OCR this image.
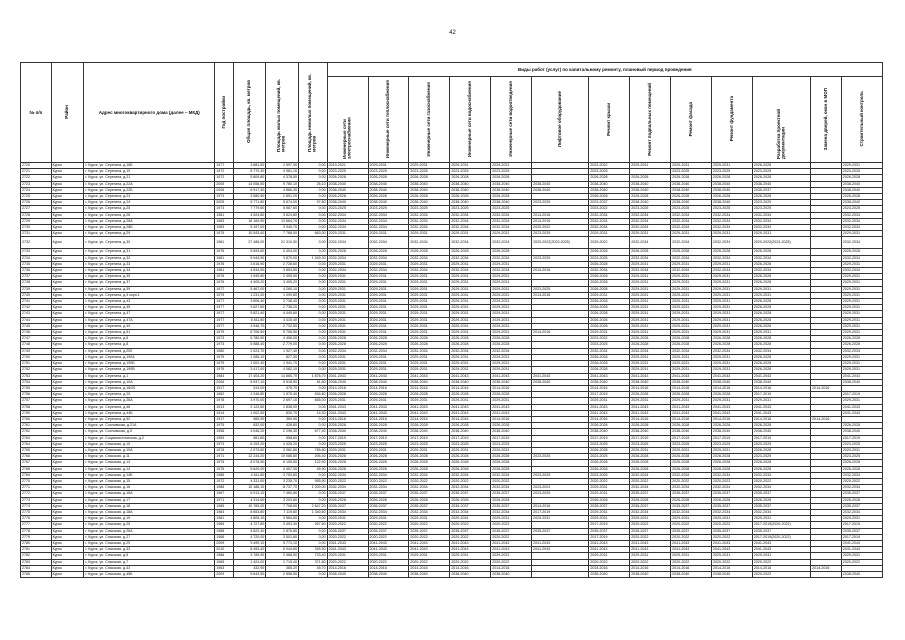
42
№ п/п	Район	Адрес многоквартирного дома (далее – МКД)	Год постройки	Общая площадь, кв. метров	Площадь жилых помещений, кв. метров	Площадь нежилых помещений, кв. метров	Виды работ (услуг) по капитальному ремонту, плановый период проведения												
							Инженерные сети электроснабжения	Инженерные сети теплоснабжения	Инженерные сети газоснабжения	Инженерные сети водоснабжения	Инженерные сети водоотведения	Лифтовое оборудование	Ремонт крыши	Ремонт подвальных помещений	Ремонт фасада	Ремонт фундамента	Разработка проектной документации	Замена дверей, окон в МОП	Строительный контроль
2720	Курск	г. Курск, ул. Серегина, д.16Б	1977	3 881,50	2 597,30	0,00	2019-2021	2029-2031	2029-2031	2029-2031	2029-2031		2023-2022	2029-2031	2029-2031	2029-2031	2026-2028		2029-2031
2721	Курск	г. Курск, ул. Серегина, д.19	1972	5 770,30	4 961,10	0,00	2023-2025	2023-2025	2023-2025	2023-2025	2023-2025		2023-2025		2023-2025	2023-2025	2023-2025		2023-2025
2722	Курск	г. Курск, ул. Серегина, д.21	1972	5 809,80	4 378,50	0,00	2026-2028	2026-2028	2026-2028	2026-2028	2026-2028		2026-2028	2026-2028	2026-2028	2026-2028	2026-2028		2026-2028
2723	Курск	г. Курск, ул. Серегина, д.22А	2005	14 056,50	9 780,10	26,10	2038-2040	2038-2040	2038-2040	2038-2040	2038-2040	2038-2040	2038-2040	2038-2040	2038-2040	2038-2040	2038-2040		2038-2040
2724	Курск	г. Курск, ул. Серегина, д.22Б	2006	6 917,30	4 866,30	0,00	2038-2040	2038-2040	2038-2040	2038-2040	2038-2040	2038-2040	2038-2040	2038-2040	2038-2040	2038-2040	2035-2037		2038-2040
2725	Курск	г. Курск, ул. Серегина, д.23	1973	3 580,50	2 891,20	0,00	2026-2028	2026-2028	2026-2028	2026-2028	2026-2028		2026-2028	2026-2028	2026-2028	2026-2028	2026-2028		2026-2028
2726	Курск	г. Курск, ул. Серегина, д.24	2005	5 771,80	5 674,00	97,80	2038-2040	2038-2040	2038-2040	2038-2040	2038-2040	2023-2025	2023-2037	2038-2040	2038-2040	2038-2040	2023-2025		2038-2040
2727	Курск	г. Курск, ул. Серегина, д.25	1973	7 779,60	5 567,60	0,00	2023-2025	2023-2025	2023-2025	2023-2025	2023-2025		2023-2022	2023-2025	2023-2025	2023-2025	2023-2025		2023-2025
2728	Курск	г. Курск, ул. Серегина, д.28	1981	4 524,80	3 524,80	0,00	2032-2034	2032-2034	2032-2034	2032-2034	2032-2034	2014-2016	2032-2034	2032-2034	2032-2034	2032-2034	2032-2034		2032-2034
2729	Курск	г. Курск, ул. Серегина, д.28А	1983	16 184,90	13 664,70	0,00	2032-2034	2032-2034	2032-2034	2032-2034	2032-2034	2014-2016	2032-2034	2032-2034	2032-2034	2032-2034	2032-2034		2032-2034
2730	Курск	г. Курск, ул. Серегина, д.28Б	1983	5 157,00	3 940,70	0,00	2032-2034	2032-2034	2032-2034	2032-2034	2032-2034	2020-2022	2032-2034	2032-2034	2032-2034	2032-2034	2032-2034		2032-2034
2731	Курск	г. Курск, ул. Серегина, д.29	1975	10 543,40	7 768,00	663,00	2029-2031	2029-2031	2029-2031	2029-2031	2029-2031	2023-2025	2029-2031	2029-2031	2029-2031	2029-2031	2029-2031		2029-2031
2732	Курск	г. Курск, ул. Серегина, д.30	1981	27 486,00	21 310,50	0,00	2032-2034	2032-2034	2032-2034	2032-2034	2032-2034	2020-2022(2023-2025)	2029-2022	2032-2034	2032-2034	2032-2034	2020-2022(2023-2025)		2032-2034
2733	Курск	г. Курск, ул. Серегина, д.31	1976	5 693,60	4 404,00	0,00	2026-2028	2026-2028	2026-2028	2026-2028	2026-2028		2026-2028	2026-2028	2026-2028	2026-2028	2026-2028		2026-2028
2734	Курск	г. Курск, ул. Серегина, д.32	1981	5 944,90	3 879,00	1 349,30	2032-2034	2032-2034	2032-2034	2032-2034	2032-2034	2023-2025	2023-2025	2032-2034	2032-2034	2032-2034	2032-2034		2032-2034
2735	Курск	г. Курск, ул. Серегина, д.33	1976	3 616,90	2 728,60	0,00	2029-2031	2029-2031	2029-2031	2029-2031	2029-2031		2026-2028	2029-2031	2029-2031	2029-2031	2026-2028		2029-2031
2736	Курск	г. Курск, ул. Серегина, д.34	1981	4 834,90	3 854,50	0,00	2032-2034	2032-2034	2032-2034	2032-2034	2032-2034	2014-2016	2032-2034	2032-2034	2032-2034	2032-2034	2032-2034		2032-2034
2737	Курск	г. Курск, ул. Серегина, д.35	1976	1 949,80	2 495,50	0,00	2029-2031	2029-2031	2029-2031	2029-2031	2029-2031		2026-2028	2029-2031	2029-2031	2029-2031	2026-2028		2029-2031
2738	Курск	г. Курск, ул. Серегина, д.37	1976	4 405,20	3 405,20	0,00	2029-2031	2029-2031	2029-2031	2029-2031	2029-2031		2026-2028	2029-2031	2029-2031	2029-2031	2026-2028		2029-2031
2739	Курск	г. Курск, ул. Серегина, д.39	1977	5 467,00	4 260,10	0,00	2029-2031	2029-2031	2029-2031	2029-2031	2029-2031	2023-2025	2026-2028	2029-2031	2029-2031	2029-2031	2029-2031		2029-2031
2740	Курск	г. Курск, ул. Серегина, д.4 корп.1	1975	1 231,00	1 099,80	0,00	2029-2031	2029-2031	2029-2031	2029-2031	2029-2031	2014-2016	2029-2031	2029-2031	2029-2031	2029-2031	2029-2031		2029-2031
2741	Курск	г. Курск, ул. Серегина, д.43	1977	3 606,40	2 738,40	0,00	2029-2031	2029-2031	2029-2031	2029-2031	2029-2031		2026-2028	2029-2031	2029-2031	2029-2031	2026-2028		2029-2031
2742	Курск	г. Курск, ул. Серегина, д.45	1977	3 627,60	2 738,20	0,00	2029-2031	2029-2031	2029-2031	2029-2031	2029-2031		2026-2028	2029-2031	2029-2031	2029-2031	2026-2028		2029-2031
2743	Курск	г. Курск, ул. Серегина, д.47	1977	5 821,40	4 449,60	0,00	2029-2031	2029-2031	2029-2031	2029-2031	2029-2031		2026-2028	2029-2031	2029-2031	2029-2031	2026-2028		2029-2031
2744	Курск	г. Курск, ул. Серегина, д.47А	1977	5 811,80	4 415,40	0,00	2029-2031	2029-2031	2029-2031	2029-2031	2029-2031		2026-2028	2029-2031	2029-2031	2029-2031	2026-2028		2029-2031
2745	Курск	г. Курск, ул. Серегина, д.49	1977	3 946,70	2 732,50	0,00	2029-2031	2029-2031	2029-2031	2029-2031	2029-2031		2026-2028	2029-2031	2029-2031	2029-2031	2026-2028		2029-2031
2746	Курск	г. Курск, ул. Серегина, д.51	1979	6 706,50	5 706,50	0,00	2029-2031	2029-2031	2029-2031	2029-2031	2029-2031	2014-2016	2029-2031	2029-2031	2029-2031	2029-2031	2029-2031		2029-2031
2747	Курск	г. Курск, ул. Серегина, д.6	1973	5 780,50	4 406,00	0,00	2026-2028	2026-2028	2026-2028	2026-2028	2026-2028		2023-2022	2026-2028	2026-2028	2026-2028	2026-2028		2026-2028
2748	Курск	г. Курск, ул. Серегина, д.8	1973	5 588,40	2 779,00	0,00	2026-2028	2026-2028	2026-2028	2026-2028	2026-2028		2023-2025	2026-2028	2026-2028	2026-2028	2026-2028		2026-2028
2749	Курск	г. Курск, ул. Серегина, д.200	1980	2 023,70	1 927,40	0,00	2032-2034	2032-2034	2032-2034	2032-2034	2032-2034		2032-2034	2032-2034	2032-2034	2032-2034	2032-2034		2032-2034
2750	Курск	г. Курск, ул. Серегина, д.190А	1979	1 285,10	827,30	0,00	2029-2031	2029-2031	2029-2031	2029-2031	2029-2031		2026-2028	2029-2031	2029-2031	2029-2031	2026-2028		2029-2031
2751	Курск	г. Курск, ул. Серегина, д.190Б	1979	1 002,40	1 941,70	0,00	2029-2031	2029-2031	2029-2031	2029-2031	2029-2031		2026-2028	2029-2031	2029-2031	2029-2031	2026-2028		2029-2031
2752	Курск	г. Курск, ул. Серегина, д.190В	1979	3 417,00	4 082,10	0,00	2029-2031	2029-2031	2029-2031	2029-2031	2029-2031		2026-2028	2029-2031	2029-2031	2029-2031	2026-2028		2029-2031
2753	Курск	г. Курск, ул. Серегина, д.1	1984	17 404,20	14 880,70	1 878,70	2041-2043	2041-2043	2041-2043	2041-2043	2041-2043	2041-2043	2041-2043	2041-2043	2041-2043	2041-2043	2041-2043		2041-2043
2754	Курск	г. Курск, ул. Серегина, д.10А	2006	5 937,10	5 518,90	81,60	2038-2040	2038-2040	2038-2040	2038-2040	2038-2040	2038-2040	2038-2040	2038-2040	2038-2040	2038-2040	2038-2040		2038-2040
2755	Курск	г. Курск, ул. Серегина, д.18/20	1917	513,00	478,70	0,00	2014-2016	2014-2016	2014-2016	2014-2016	2014-2016		2014-2016	2014-2016	2014-2016	2014-2016	2014-2016	2014-2016	
2756	Курск	г. Курск, ул. Серегина, д.20	1962	2 346,80	1 575,40	634,60	2026-2028	2026-2028	2026-2028	2026-2028	2026-2028		2017-2019	2026-2028	2026-2028	2026-2028	2017-2019		2017-2019
2757	Курск	г. Курск, ул. Серегина, д.26А	1978	3 970,00	2 697,10	665,00	2029-2031	2029-2031	2029-2031	2029-2031	2029-2031		2029-2031	2029-2031	2029-2031	2029-2031	2029-2031		2029-2031
2758	Курск	г. Курск, ул. Серегина, д.46	1913	2 122,60	1 838,00	0,00	2041-2043	2041-2043	2041-2043	2041-2043	2041-2043		2041-2043	2041-2043	2041-2043	2041-2043	2041-2043		2041-2043
2759	Курск	г. Курск, ул. Серегина, д.44Б	1914	1 002,50	830,70	14,30	2041-2043	2041-2043	2041-2043	2041-2043	2041-2043		2041-2043	2041-2043	2041-2043	2041-2043	2041-2043		2041-2043
2760	Курск	г. Курск, ул. Серегина, д.52	1917	565,90	369,90	0,00	2014-2016	2014-2016	2014-2016	2014-2016	2014-2016		2014-2016	2014-2016	2014-2016	2014-2016	2014-2016	2014-2016	
2761	Курск	г. Курск, ул. Сосновская, д.21А	1975	832,00	426,60	0,00	2026-2028	2026-2028	2026-2028	2026-2028	2026-2028		2026-2028	2026-2028	2026-2028	2026-2028	2026-2028		2026-2028
2762	Курск	г. Курск, ул. Сосновская, д.5	1956	3 046,20	2 296,30	677,40	2038-2040	2038-2040	2038-2040	2038-2040	2038-2040		2038-2040	2038-2040	2038-2040	2038-2040	2038-2040		2038-2040
2763	Курск	г. Курск, ул. Социалистическая, д.2	1959	851,80	558,60	0,00	2017-2019	2017-2019	2017-2019	2017-2019	2017-2019		2017-2019	2017-2019	2017-2019	2017-2019	2017-2019		2017-2019
2764	Курск	г. Курск, ул. Спасская, д.10	1973	6 153,20	4 428,20	0,00	2023-2025	2023-2025	2023-2025	2023-2025	2023-2025		2023-2025	2023-2025	2023-2025	2023-2025	2023-2025		2023-2025
2765	Курск	г. Курск, ул. Спасская, д.10А	1978	2 073,60	2 062,80	785,80	2029-2031	2029-2031	2029-2031	2029-2031	2029-2031		2026-2028	2029-2031	2029-2031	2029-2031	2026-2028		2029-2031
2766	Курск	г. Курск, ул. Спасская, д.11	1971	12 244,20	10 086,60	206,40	2026-2028	2026-2028	2026-2028	2026-2028	2026-2028	2023-2025	2023-2025	2026-2028	2026-2028	2026-2028	2023-2025		2023-2025
2767	Курск	г. Курск, ул. Спасская, д.13	1975	8 078,50	6 105,50	122,90	2026-2028	2026-2028	2026-2028	2026-2028	2026-2028		2026-2028	2026-2028	2026-2028	2026-2028	2026-2028		2026-2028
2768	Курск	г. Курск, ул. Спасская, д.14	1975	5 620,00	4 457,30	45,90	2026-2028	2026-2028	2026-2028	2026-2028	2026-2028		2026-2028	2026-2028	2026-2028	2026-2028	2026-2028		2026-2028
2769	Курск	г. Курск, ул. Спасская, д.14Б	1986	4 611,80	3 753,60	0,00	2032-2034	2032-2034	2032-2034	2032-2034	2032-2034	2023-2025	2023-2025	2032-2034	2032-2034	2032-2034	2032-2034		2032-2034
2770	Курск	г. Курск, ул. Спасская, д.15	1972	4 331,00	3 235,70	955,90	2020-2022	2020-2022	2020-2022	2020-2022	2020-2022		2020-2022	2020-2022	2020-2022	2020-2022	2020-2022		2020-2022
2771	Курск	г. Курск, ул. Спасская, д.16	1988	10 186,10	8 737,70	1 200,00	2032-2034	2032-2034	2032-2034	2032-2034	2032-2034	2023-2024	2029-2031	2032-2034	2032-2034	2032-2034	2032-2034		2032-2034
2772	Курск	г. Курск, ул. Спасская, д.16А	1987	6 013,10	7 460,80	0,00	2035-2037	2035-2037	2035-2037	2035-2037	2035-2037	2023-2025	2029-2031	2035-2037	2035-2037	2035-2037	2035-2037		2035-2037
2773	Курск	г. Курск, ул. Спасская, д.17	1971	4 314,60	3 203,80	0,00	2026-2028	2026-2028	2026-2028	2026-2028	2026-2028		2026-2028	2026-2028	2026-2028	2026-2028	2026-2028		2026-2028
2774	Курск	г. Курск, ул. Спасская, д.18	1985	10 765,00	7 708,60	2 647,20	2035-2037	2035-2037	2035-2037	2035-2037	2035-2037	2014-2016	2035-2037	2035-2037	2035-2037	2035-2037	2035-2037		2035-2037
2775	Курск	г. Курск, ул. Спасская, д.18А	1984	8 653,80	7 119,60	1 340,60	2032-2034	2032-2034	2032-2034	2032-2034	2032-2034	2017-2019	2029-2031	2032-2034	2032-2034	2032-2034	2032-2034		2032-2034
2776	Курск	г. Курск, ул. Спасская, д.19	1981	4 805,10	3 584,60	0,00	2029-2031	2029-2031	2029-2031	2029-2031	2029-2031	2029-2031	2029-2031	2029-2031	2029-2031	2029-2031	2029-2031		2029-2031
2777	Курск	г. Курск, ул. Спасская, д.25	1966	4 727,80	3 493,30	267,60	2020-2022	2020-2022	2020-2022	2020-2022	2020-2022		2017-2019	2020-2022	2020-2022	2020-2022	2017-2019(2020-2022)		2017-2019
2778	Курск	г. Курск, ул. Спасская, д.26А	1988	4 622,40	2 876,80	0,00	2035-2037	2035-2037	2035-2037	2035-2037	2035-2037	2035-2037	2035-2037	2035-2037	2035-2037	2035-2037	2035-2037		2035-2037
2779	Курск	г. Курск, ул. Спасская, д.27	1966	4 720,00	3 501,80	0,00	2020-2022	2020-2022	2020-2022	2020-2022	2020-2022		2017-2019	2020-2022	2020-2022	2020-2022	2017-2019(2020-2022)		2017-2019
2780	Курск	г. Курск, ул. Спасская, д.29	2009	9 499,10	5 773,10	0,00	2041-2043	2041-2043	2041-2043	2041-2043	2041-2043	2041-2043	2041-2043	2041-2043	2041-2043	2041-2043	2041-2043		2041-2043
2781	Курск	г. Курск, ул. Спасская, д.33	2010	8 453,40	6 044,80	345,50	2041-2043	2041-2043	2041-2043	2041-2043	2041-2043	2041-2043	2041-2043	2041-2043	2041-2043	2041-2043	2041-2043		2041-2043
2782	Курск	г. Курск, ул. Спасская, д.5	1986	3 789,90	2 968,50	733,40	2029-2031	2029-2031	2029-2031	2029-2031	2029-2031		2029-2031	2029-2031	2029-2031	2029-2031	2029-2031		2029-2031
2783	Курск	г. Курск, ул. Спасская, д.7	1965	1 424,00	1 715,40	371,80	2020-2022	2020-2022	2020-2022	2020-2022	2020-2022		2020-2022	2020-2022	2020-2022	2020-2022	2020-2022		2020-2022
2784	Курск	г. Курск, ул. Спасская, д.43	1963	432,90	385,20	45,70	2014-2016	2014-2016	2014-2016	2014-2016	2014-2016		2014-2016	2014-2016	2014-2016	2014-2016	2014-2016	2014-2016	
2785	Курск	г. Курск, ул. Спасская, д.45Б	2009	5 643,50	2 896,50	0,00	2038-2040	2038-2040	2038-2040	2038-2040	2038-2040		2038-2040	2038-2040	2038-2040	2038-2040	2020-2022		2038-2040
